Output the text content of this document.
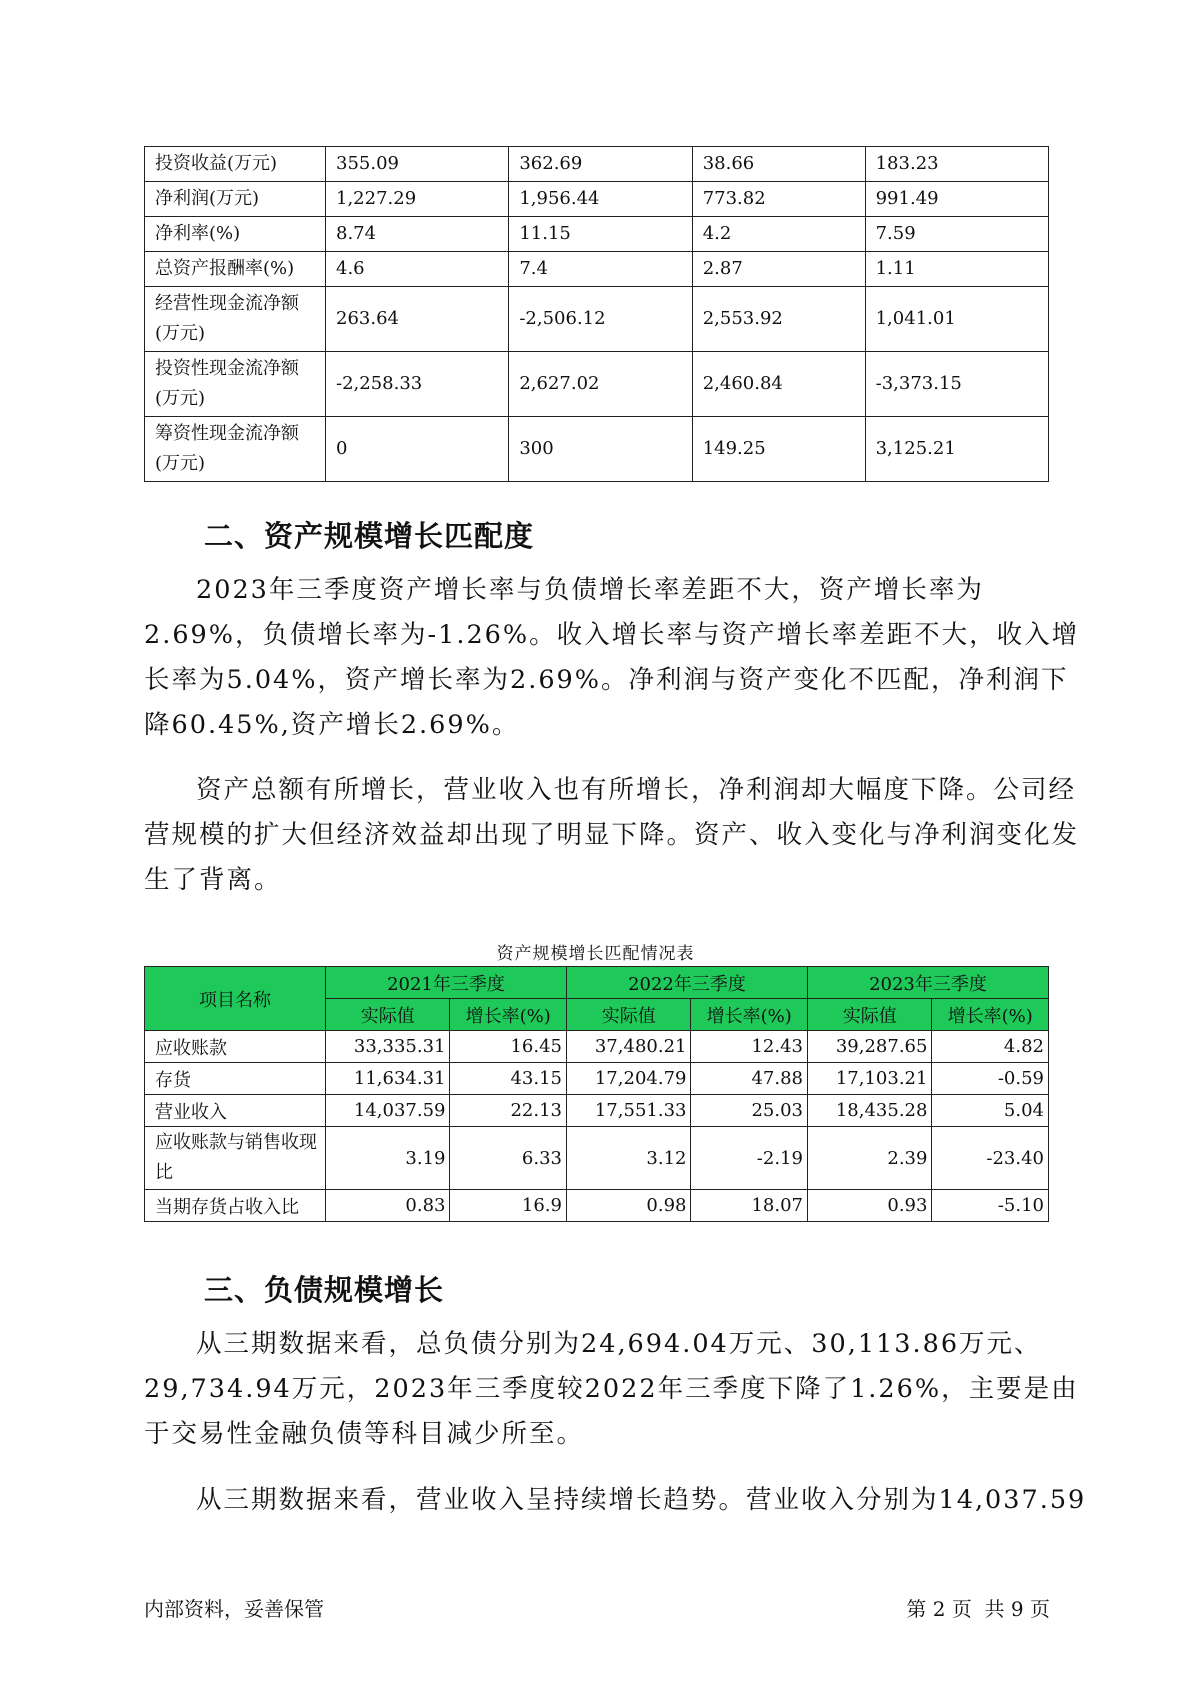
投资收益(万元)	355.09	362.69	38.66	183.23
净利润(万元)	1,227.29	1,956.44	773.82	991.49
净利率(%)	8.74	11.15	4.2	7.59
总资产报酬率(%)	4.6	7.4	2.87	1.11
经营性现金流净额(万元)	263.64	-2,506.12	2,553.92	1,041.01
投资性现金流净额(万元)	-2,258.33	2,627.02	2,460.84	-3,373.15
筹资性现金流净额(万元)	0	300	149.25	3,125.21
二、资产规模增长匹配度

2023年三季度资产增长率与负债增长率差距不大，资产增长率为2.69%，负债增长率为-1.26%。收入增长率与资产增长率差距不大，收入增长率为5.04%，资产增长率为2.69%。净利润与资产变化不匹配，净利润下降60.45%,资产增长2.69%。

资产总额有所增长，营业收入也有所增长，净利润却大幅度下降。公司经营规模的扩大但经济效益却出现了明显下降。资产、收入变化与净利润变化发生了背离。

资产规模增长匹配情况表
项目名称	2021年三季度		2022年三季度		2023年三季度	
	实际值	增长率(%)	实际值	增长率(%)	实际值	增长率(%)
应收账款	33,335.31	16.45	37,480.21	12.43	39,287.65	4.82
存货	11,634.31	43.15	17,204.79	47.88	17,103.21	-0.59
营业收入	14,037.59	22.13	17,551.33	25.03	18,435.28	5.04
应收账款与销售收现比	3.19	6.33	3.12	-2.19	2.39	-23.40
当期存货占收入比	0.83	16.9	0.98	18.07	0.93	-5.10
三、负债规模增长

从三期数据来看，总负债分别为24,694.04万元、30,113.86万元、29,734.94万元，2023年三季度较2022年三季度下降了1.26%，主要是由于交易性金融负债等科目减少所至。

从三期数据来看，营业收入呈持续增长趋势。营业收入分别为14,037.59

内部资料，妥善保管	第 2 页  共 9 页
